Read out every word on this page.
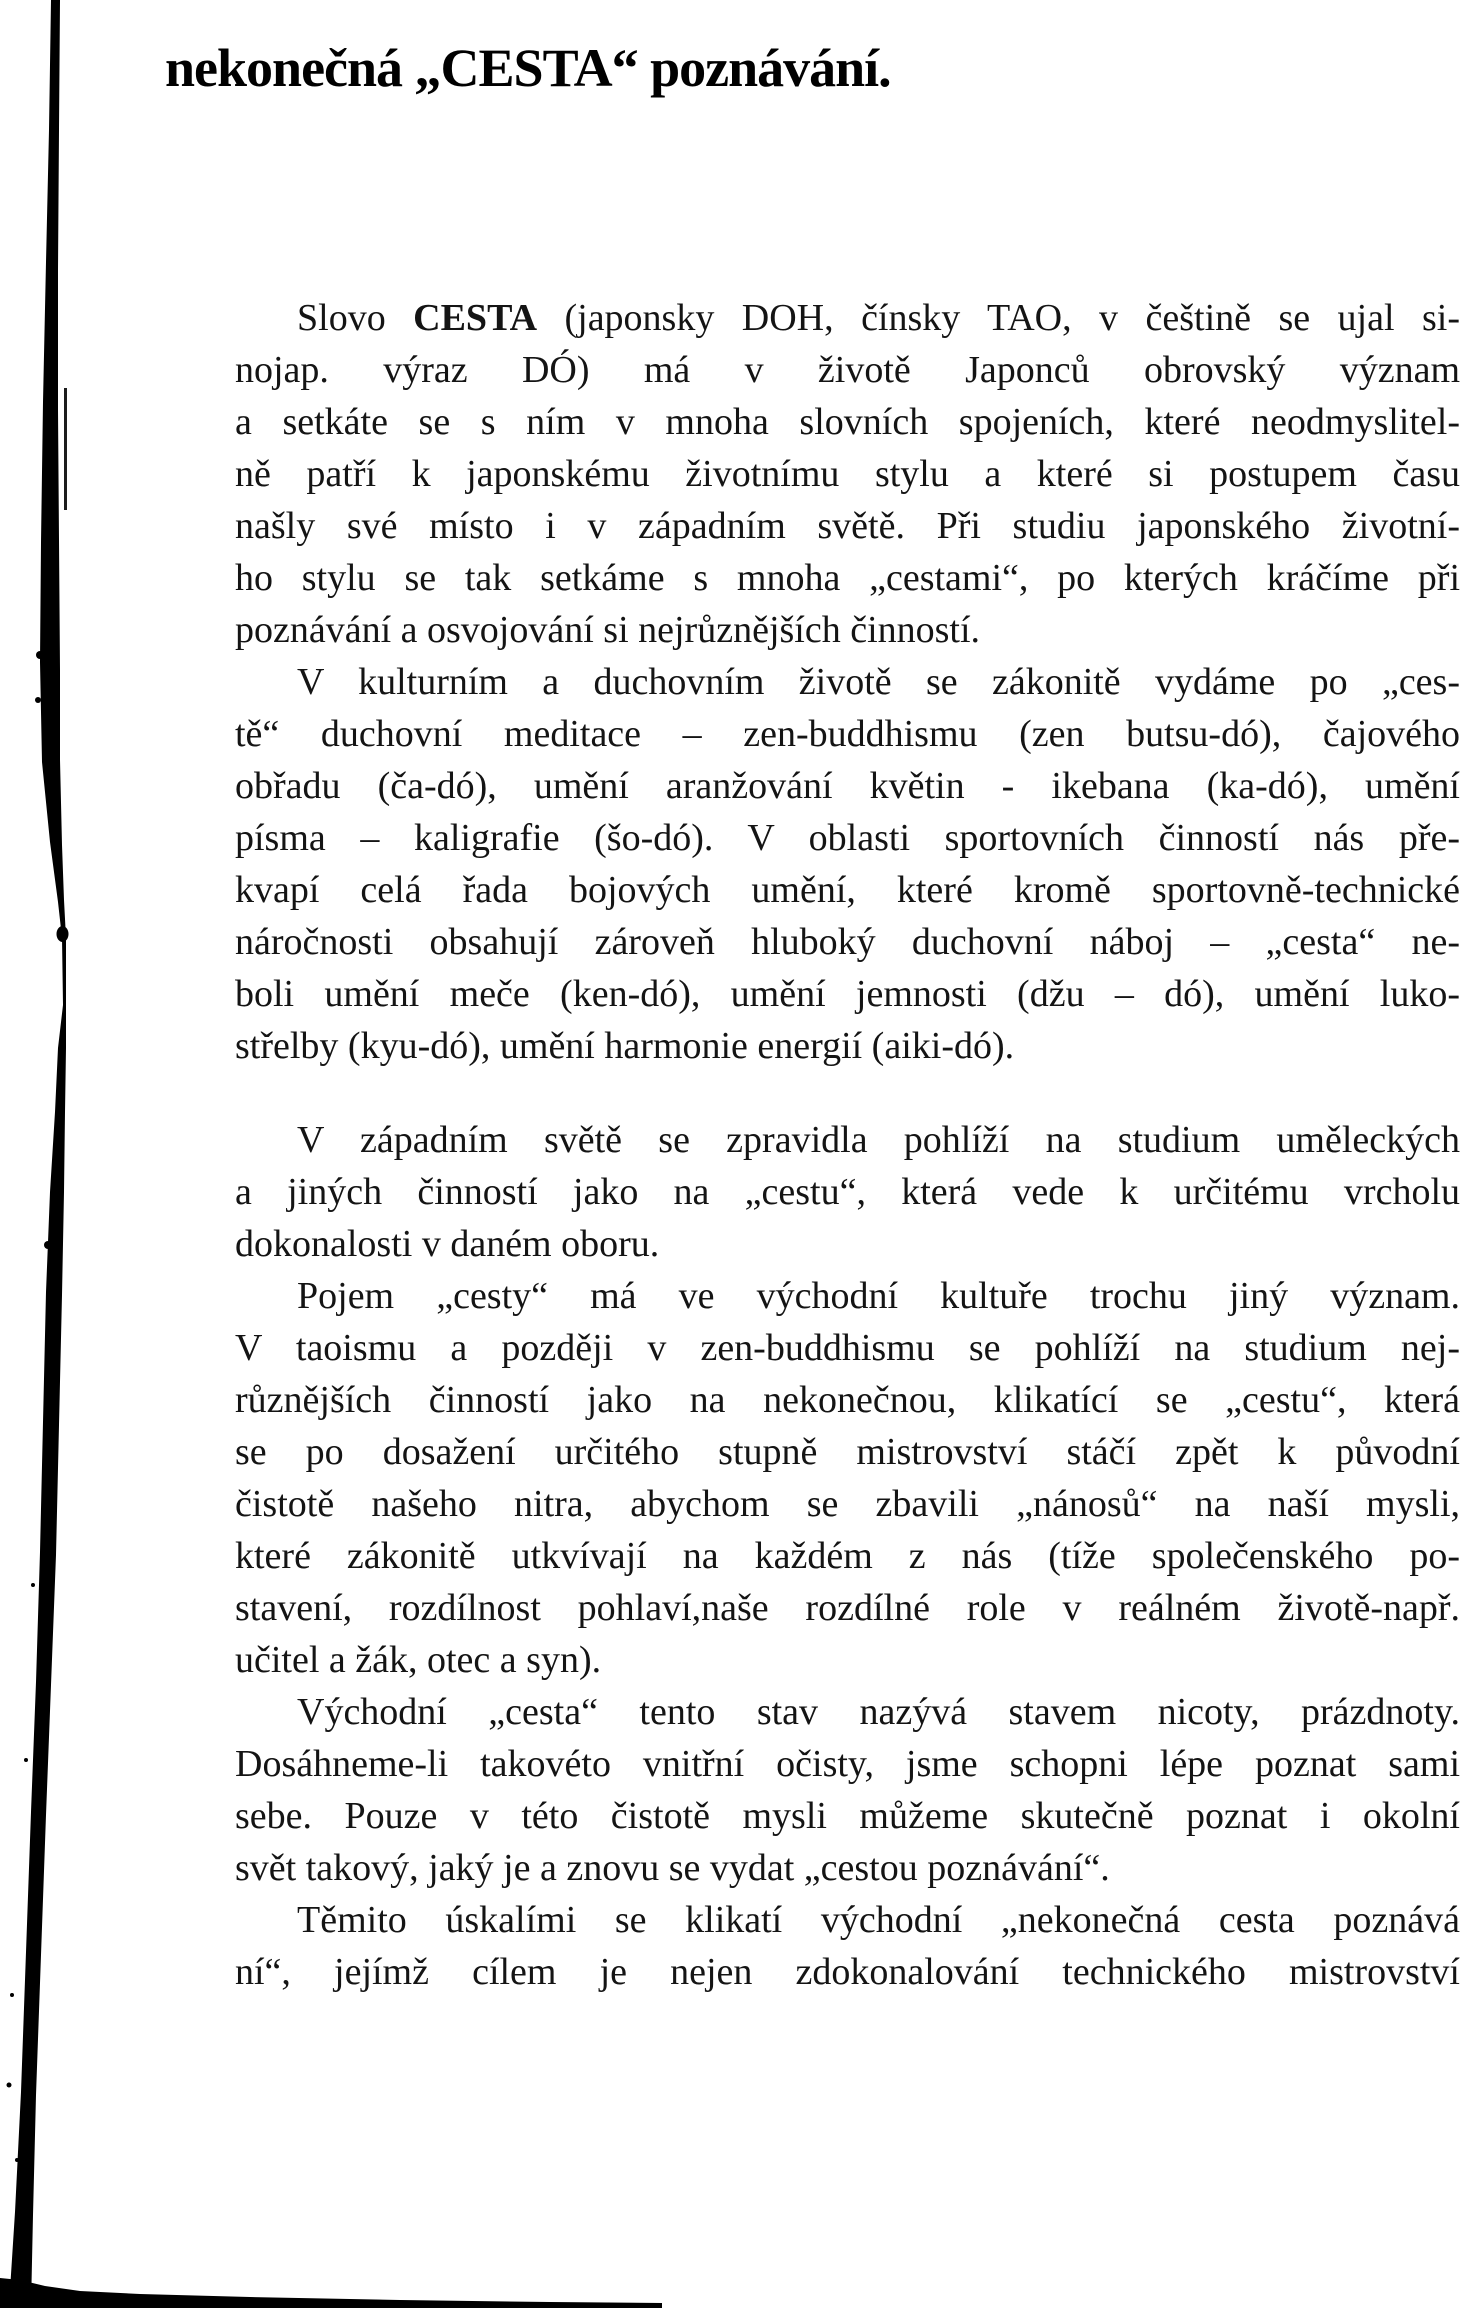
nekonečná „CESTA“ poznávání.
Slovo CESTA (japonsky DOH, čínsky TAO, v češtině se ujal si-
nojap. výraz DÓ) má v životě Japonců obrovský význam
a setkáte se s ním v mnoha slovních spojeních, které neodmyslitel-
ně patří k japonskému životnímu stylu a které si postupem času
našly své místo i v západním světě. Při studiu japonského životní-
ho stylu se tak setkáme s mnoha „cestami“, po kterých kráčíme při
poznávání a osvojování si nejrůznějších činností.
V kulturním a duchovním životě se zákonitě vydáme po „ces-
tě“ duchovní meditace – zen-buddhismu (zen butsu-dó), čajového
obřadu (ča-dó), umění aranžování květin - ikebana (ka-dó), umění
písma – kaligrafie (šo-dó). V oblasti sportovních činností nás pře-
kvapí celá řada bojových umění, které kromě sportovně-technické
náročnosti obsahují zároveň hluboký duchovní náboj – „cesta“ ne-
boli umění meče (ken-dó), umění jemnosti (džu – dó), umění luko-
střelby (kyu-dó), umění harmonie energií (aiki-dó).
V západním světě se zpravidla pohlíží na studium uměleckých
a jiných činností jako na „cestu“, která vede k určitému vrcholu
dokonalosti v daném oboru.
Pojem „cesty“ má ve východní kultuře trochu jiný význam.
V taoismu a později v zen-buddhismu se pohlíží na studium nej-
různějších činností jako na nekonečnou, klikatící se „cestu“, která
se po dosažení určitého stupně mistrovství stáčí zpět k původní
čistotě našeho nitra, abychom se zbavili „nánosů“ na naší mysli,
které zákonitě utkvívají na každém z nás (tíže společenského po-
stavení, rozdílnost pohlaví,naše rozdílné role v reálném životě-např.
učitel a žák, otec a syn).
Východní „cesta“ tento stav nazývá stavem nicoty, prázdnoty.
Dosáhneme-li takovéto vnitřní očisty, jsme schopni lépe poznat sami
sebe. Pouze v této čistotě mysli můžeme skutečně poznat i okolní
svět takový, jaký je a znovu se vydat „cestou poznávání“.
Těmito úskalími se klikatí východní „nekonečná cesta poznává
ní“, jejímž cílem je nejen zdokonalování technického mistrovství
